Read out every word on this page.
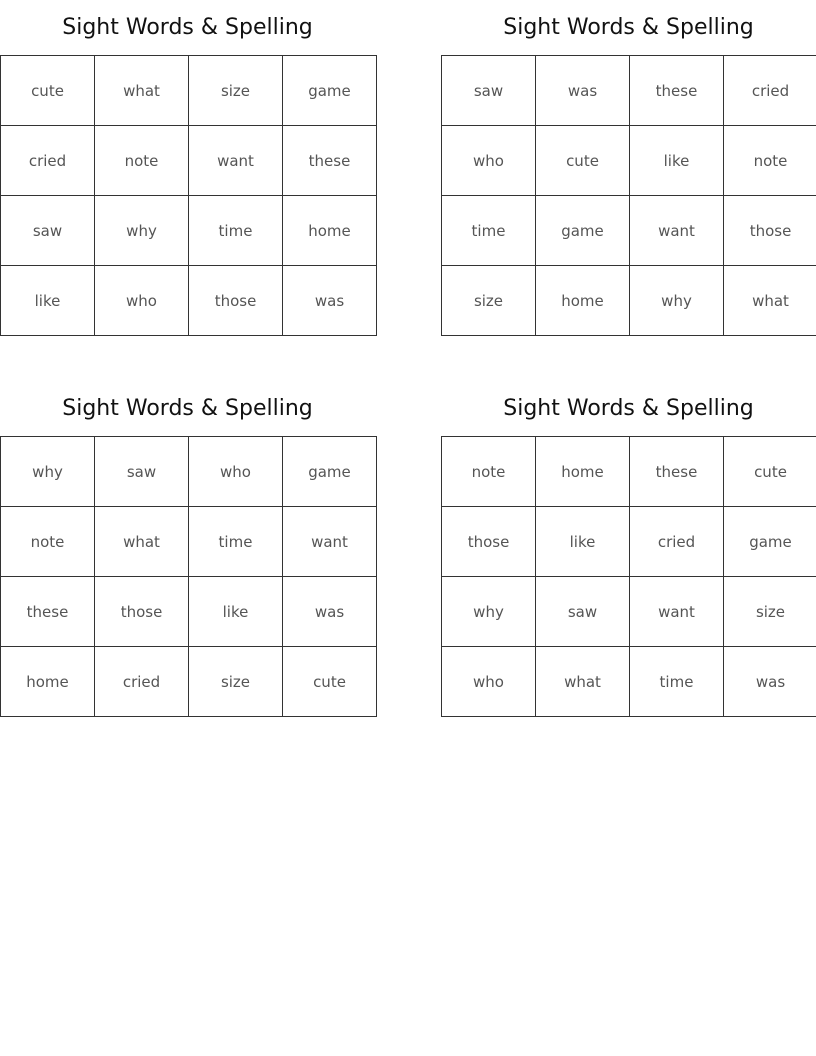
Sight Words & Spelling
cute	what	size	game
cried	note	want	these
saw	why	time	home
like	who	those	was
Sight Words & Spelling
saw	was	these	cried
who	cute	like	note
time	game	want	those
size	home	why	what
Sight Words & Spelling
why	saw	who	game
note	what	time	want
these	those	like	was
home	cried	size	cute
Sight Words & Spelling
note	home	these	cute
those	like	cried	game
why	saw	want	size
who	what	time	was
